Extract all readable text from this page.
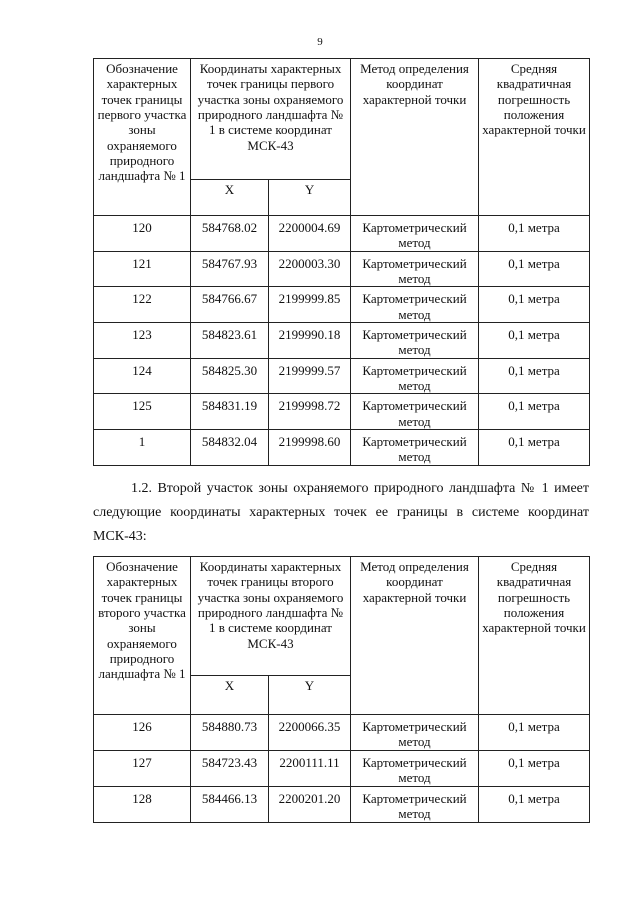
9
Обозначение характерных точек границы первого участка зоны охраняемого природного ландшафта № 1	Координаты характерных точек границы первого участка зоны охраняемого природного ландшафта № 1 в системе координат МСК-43		Метод определения координат характерной точки	Средняя квадратичная погрешность положения характерной точки
	X	Y		
120	584768.02	2200004.69	Картометрический метод	0,1 метра
121	584767.93	2200003.30	Картометрический метод	0,1 метра
122	584766.67	2199999.85	Картометрический метод	0,1 метра
123	584823.61	2199990.18	Картометрический метод	0,1 метра
124	584825.30	2199999.57	Картометрический метод	0,1 метра
125	584831.19	2199998.72	Картометрический метод	0,1 метра
1	584832.04	2199998.60	Картометрический метод	0,1 метра
1.2. Второй участок зоны охраняемого природного ландшафта № 1 имеет следующие координаты характерных точек ее границы в системе координат МСК-43:
Обозначение характерных точек границы второго участка зоны охраняемого природного ландшафта № 1	Координаты характерных точек границы второго участка зоны охраняемого природного ландшафта № 1 в системе координат МСК-43		Метод определения координат характерной точки	Средняя квадратичная погрешность положения характерной точки
	X	Y		
126	584880.73	2200066.35	Картометрический метод	0,1 метра
127	584723.43	2200111.11	Картометрический метод	0,1 метра
128	584466.13	2200201.20	Картометрический метод	0,1 метра
